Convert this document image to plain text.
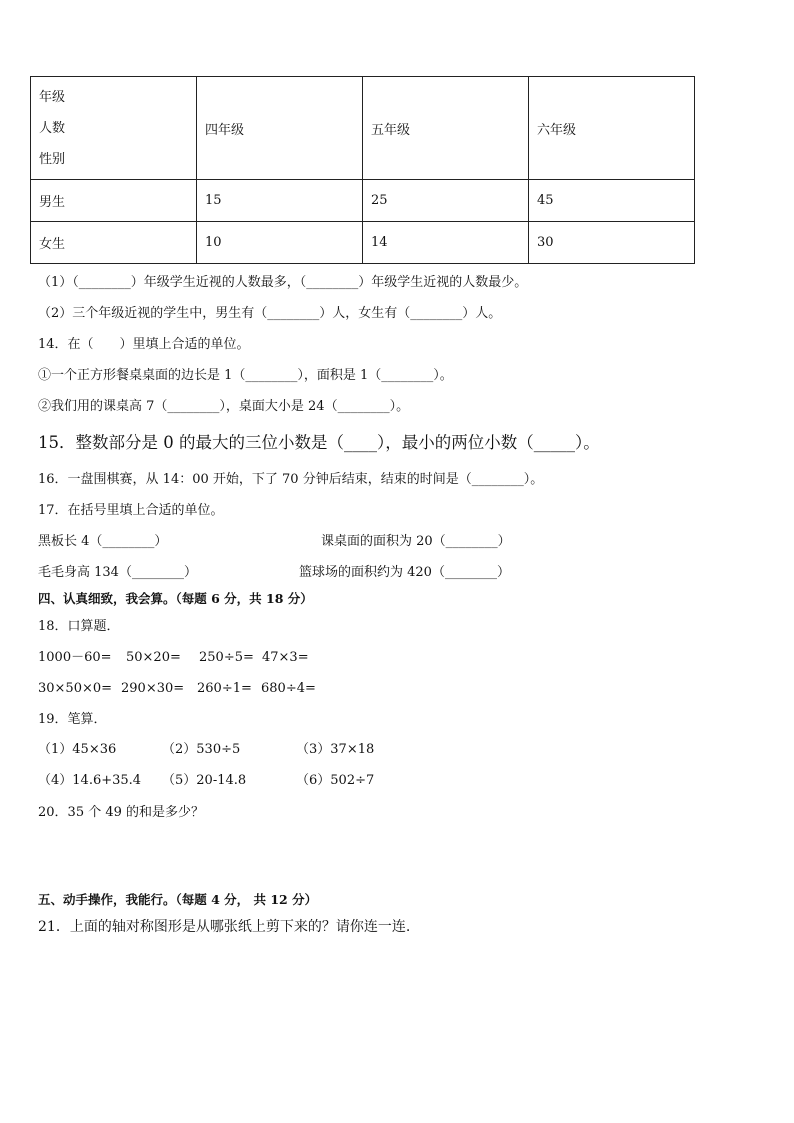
年级
人数
性别	四年级	五年级	六年级
男生	15	25	45
女生	10	14	30
（1）（________）年级学生近视的人数最多，（________）年级学生近视的人数最少。
（2）三个年级近视的学生中，男生有（________）人，女生有（________）人。
14．在（　　）里填上合适的单位。
①一个正方形餐桌桌面的边长是 1（________），面积是 1（________）。
②我们用的课桌高 7（________），桌面大小是 24（________）。
15．整数部分是 0 的最大的三位小数是（____），最小的两位小数（_____）。
16．一盘围棋赛，从 14：00 开始，下了 70 分钟后结束，结束的时间是（________）。
17．在括号里填上合适的单位。
黑板长 4（________）	课桌面的面积为 20（________）
毛毛身高 134（________）	篮球场的面积约为 420（________）
四、认真细致，我会算。（每题 6 分，共 18 分）
18．口算题．
1000－60= 50×20= 250÷5= 47×3=
30×50×0= 290×30= 260÷1= 680÷4=
19．笔算．
（1）45×36	（2）530÷5	（3）37×18
（4）14.6+35.4 （5）20-14.8	（6）502÷7
20．35 个 49 的和是多少？
五、动手操作，我能行。（每题 4 分， 共 12 分）
21．上面的轴对称图形是从哪张纸上剪下来的？请你连一连.
